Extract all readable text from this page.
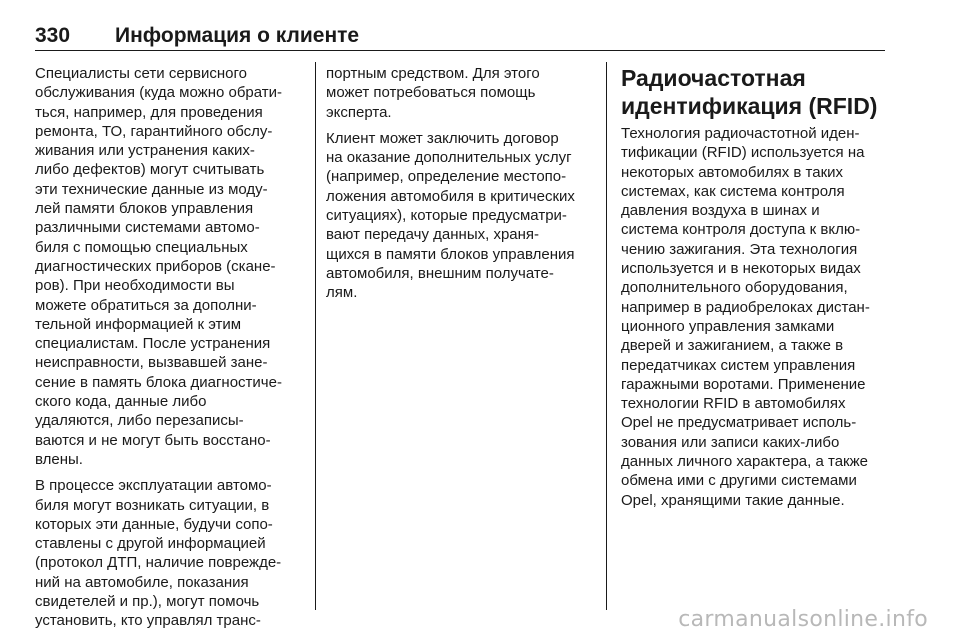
330 Информация о клиенте

Специалисты сети сервисного
обслуживания (куда можно обрати-
ться, например, для проведения
ремонта, ТО, гарантийного обслу-
живания или устранения каких-
либо дефектов) могут считывать
эти технические данные из моду-
лей памяти блоков управления
различными системами автомо-
биля с помощью специальных
диагностических приборов (скане-
ров). При необходимости вы
можете обратиться за дополни-
тельной информацией к этим
специалистам. После устранения
неисправности, вызвавшей зане-
сение в память блока диагностиче-
ского кода, данные либо
удаляются, либо перезаписы-
ваются и не могут быть восстано-
влены.

В процессе эксплуатации автомо-
биля могут возникать ситуации, в
которых эти данные, будучи сопо-
ставлены с другой информацией
(протокол ДТП, наличие поврежде-
ний на автомобиле, показания
свидетелей и пр.), могут помочь
установить, кто управлял транс-

портным средством. Для этого
может потребоваться помощь
эксперта.

Клиент может заключить договор
на оказание дополнительных услуг
(например, определение местопо-
ложения автомобиля в критических
ситуациях), которые предусматри-
вают передачу данных, храня-
щихся в памяти блоков управления
автомобиля, внешним получате-
лям.

Радиочастотная
идентификация (RFID)

Технология радиочастотной иден-
тификации (RFID) используется на
некоторых автомобилях в таких
системах, как система контроля
давления воздуха в шинах и
система контроля доступа к вклю-
чению зажигания. Эта технология
используется и в некоторых видах
дополнительного оборудования,
например в радиобрелоках дистан-
ционного управления замками
дверей и зажиганием, а также в
передатчиках систем управления
гаражными воротами. Применение
технологии RFID в автомобилях
Opel не предусматривает исполь-
зования или записи каких-либо
данных личного характера, а также
обмена ими с другими системами
Opel, хранящими такие данные.

carmanualsonline.info
